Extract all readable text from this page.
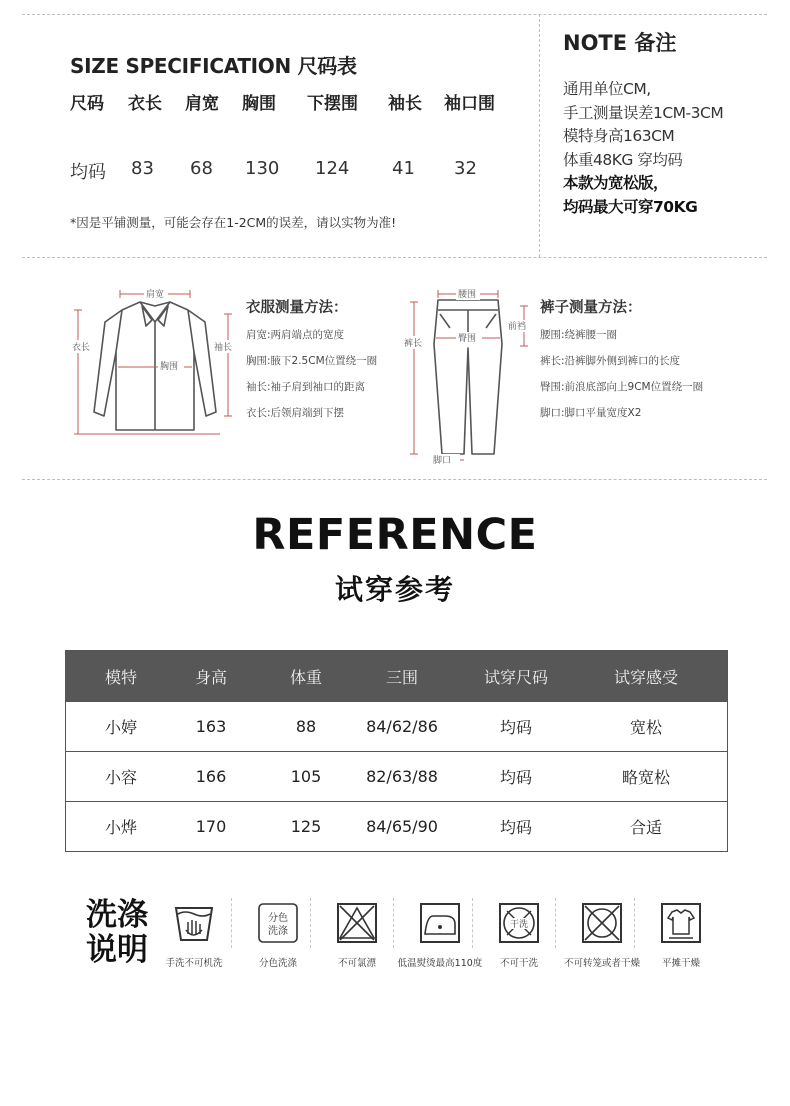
SIZE SPECIFICATION 尺码表
尺码 衣长 肩宽 胸围 下摆围 袖长 袖口围
均码 83 68 130 124 41 32
*因是平铺测量，可能会存在1-2CM的误差，请以实物为准!
NOTE 备注
通用单位CM,
手工测量误差1CM-3CM
模特身高163CM
体重48KG 穿均码
本款为宽松版，
均码最大可穿70KG
肩宽
衣长
胸围
袖长
衣服测量方法：
肩宽:两肩端点的宽度
胸围:腋下2.5CM位置绕一圈
袖长:袖子肩到袖口的距离
衣长:后领肩端到下摆
腰围
前裆
裤长	臀围
脚口
裤子测量方法：
腰围:绕裤腰一圈
裤长:沿裤脚外侧到裤口的长度
臀围:前浪底部向上9CM位置绕一圈
脚口:脚口平量宽度X2
REFERENCE
试穿参考
模特	身高	体重	三围	试穿尺码	试穿感受
小婷	163	88	84/62/86	均码	宽松
小容	166	105	82/63/88	均码	略宽松
小烨	170	125	84/65/90	均码	合适
洗涤说明	手洗不可机洗
分色
洗涤
分色洗涤	不可氯漂	低温熨烫最高110度
干洗
不可干洗	不可转笼或者干燥	平摊干燥
